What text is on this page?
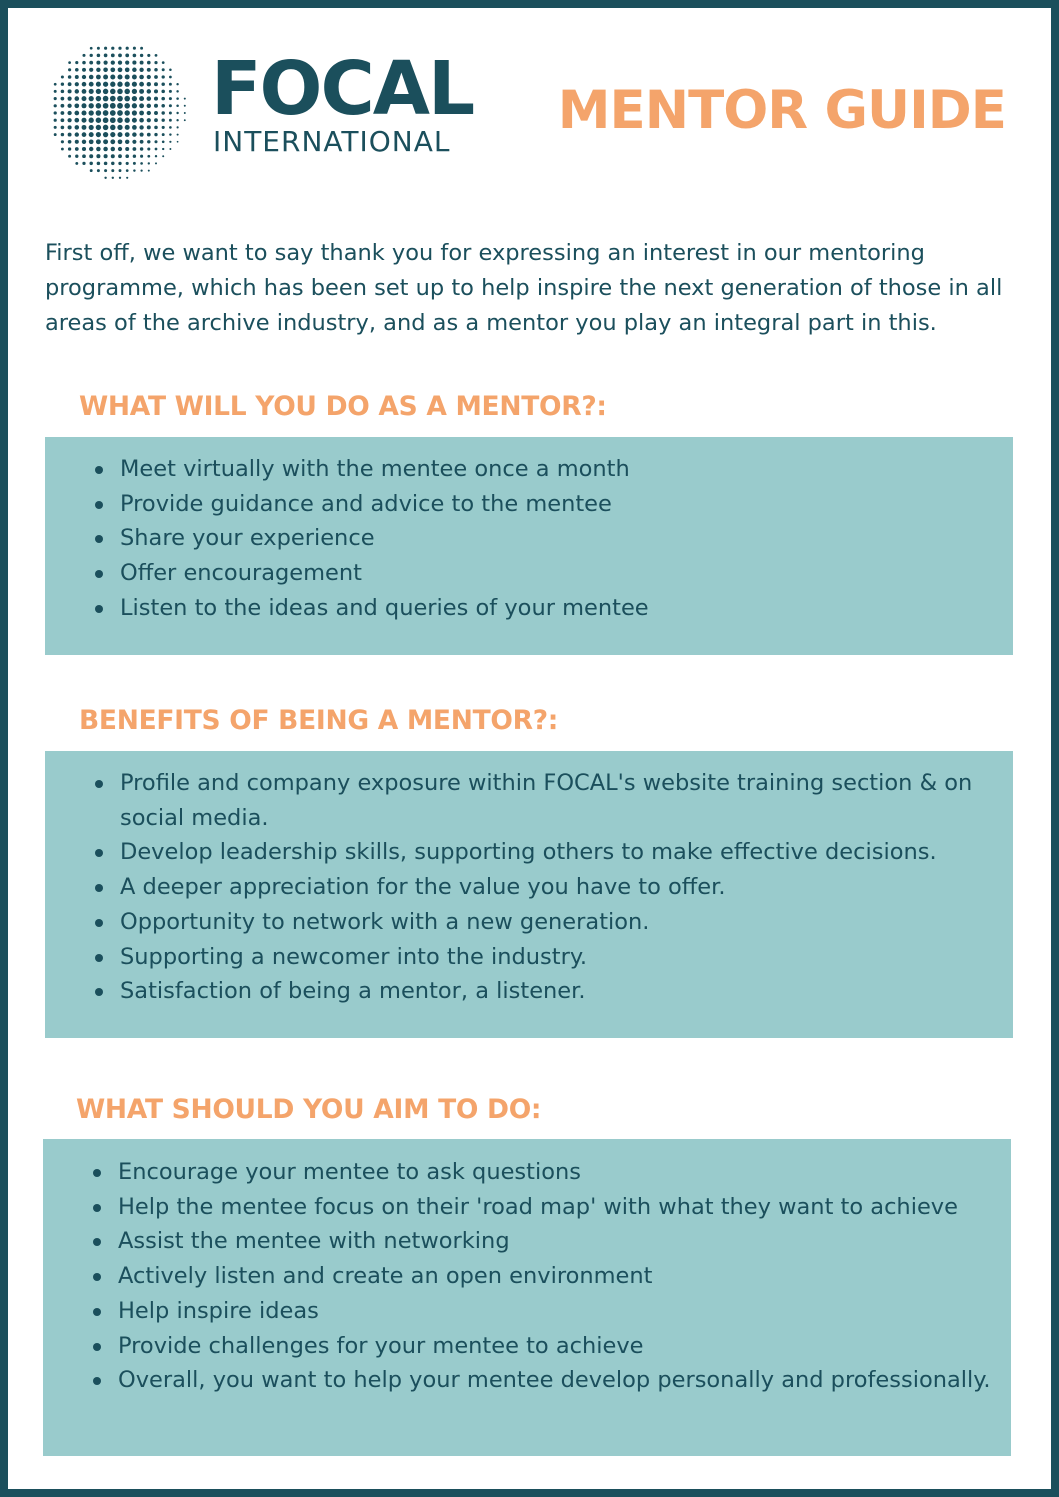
FOCAL
INTERNATIONAL
MENTOR GUIDE

First off, we want to say thank you for expressing an interest in our mentoring programme, which has been set up to help inspire the next generation of those in all areas of the archive industry, and as a mentor you play an integral part in this.

WHAT WILL YOU DO AS A MENTOR?:
Meet virtually with the mentee once a month
Provide guidance and advice to the mentee
Share your experience
Offer encouragement
Listen to the ideas and queries of your mentee
BENEFITS OF BEING A MENTOR?:
Profile and company exposure within FOCAL's website training section & on social media.
Develop leadership skills, supporting others to make effective decisions.
A deeper appreciation for the value you have to offer.
Opportunity to network with a new generation.
Supporting a newcomer into the industry.
Satisfaction of being a mentor, a listener.
WHAT SHOULD YOU AIM TO DO:
Encourage your mentee to ask questions
Help the mentee focus on their 'road map' with what they want to achieve
Assist the mentee with networking
Actively listen and create an open environment
Help inspire ideas
Provide challenges for your mentee to achieve
Overall, you want to help your mentee develop personally and professionally.
